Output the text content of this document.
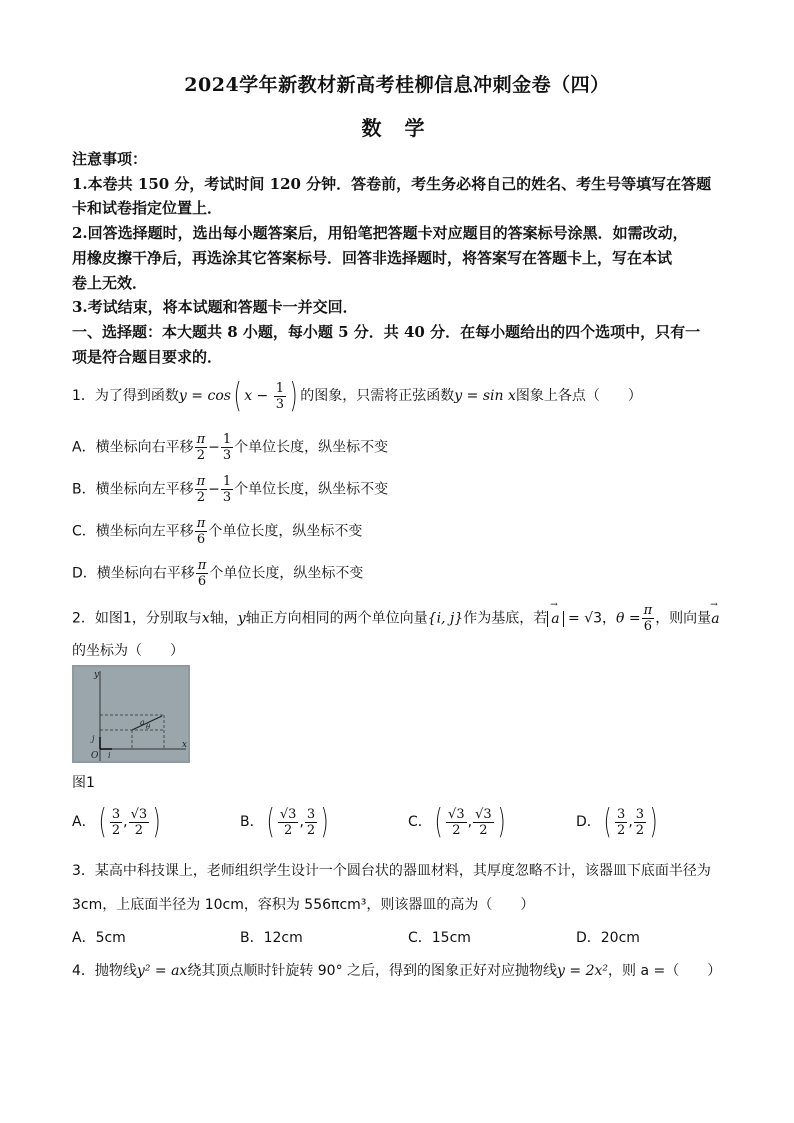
2024学年新教材新高考桂柳信息冲刺金卷（四）
数 学
注意事项：
1.本卷共 150 分，考试时间 120 分钟．答卷前，考生务必将自己的姓名、考生号等填写在答题
卡和试卷指定位置上．
2.回答选择题时，选出每小题答案后，用铅笔把答题卡对应题目的答案标号涂黑．如需改动，
用橡皮擦干净后，再选涂其它答案标号．回答非选择题时，将答案写在答题卡上，写在本试
卷上无效．
3.考试结束，将本试题和答题卡一并交回．
一、选择题：本大题共 8 小题，每小题 5 分．共 40 分．在每小题给出的四个选项中，只有一
项是符合题目要求的．
1．为了得到函数y = cos( $x - \frac{1}{3}$ ) 的图象，只需将正弦函数y = sin x图象上各点（　　）
A．横坐标向右平移 $\frac{\pi}{2} - \frac{1}{3}$ 个单位长度，纵坐标不变
B．横坐标向左平移 $\frac{\pi}{2} - \frac{1}{3}$ 个单位长度，纵坐标不变
C．横坐标向左平移 $\frac{\pi}{6}$ 个单位长度，纵坐标不变
D．横坐标向右平移 $\frac{\pi}{6}$ 个单位长度，纵坐标不变
2．如图1，分别取与x轴，y轴正方向相同的两个单位向量{i, j}作为基底，若→ a = √3，$\theta = \frac{\pi}{6}$ ，则向量→ a
的坐标为（　　）
y
x
O i
j
a θ
图1
A．( $\frac{3}{2}$ , $\frac{√3}{2}$ )	B．( $\frac{√3}{2}$ , $\frac{3}{2}$ )	C．( $\frac{√3}{2}$ , $\frac{√3}{2}$ )	D．( $\frac{3}{2}$ , $\frac{3}{2}$ )
3．某高中科技课上，老师组织学生设计一个圆台状的器皿材料，其厚度忽略不计，该器皿下底面半径为
3cm，上底面半径为 10cm，容积为 556πcm³，则该器皿的高为（　　）
A．5cm	B．12cm	C．15cm	D．20cm
4．抛物线y² = ax绕其顶点顺时针旋转 90° 之后，得到的图象正好对应抛物线y = 2x²，则 a =（　　）
